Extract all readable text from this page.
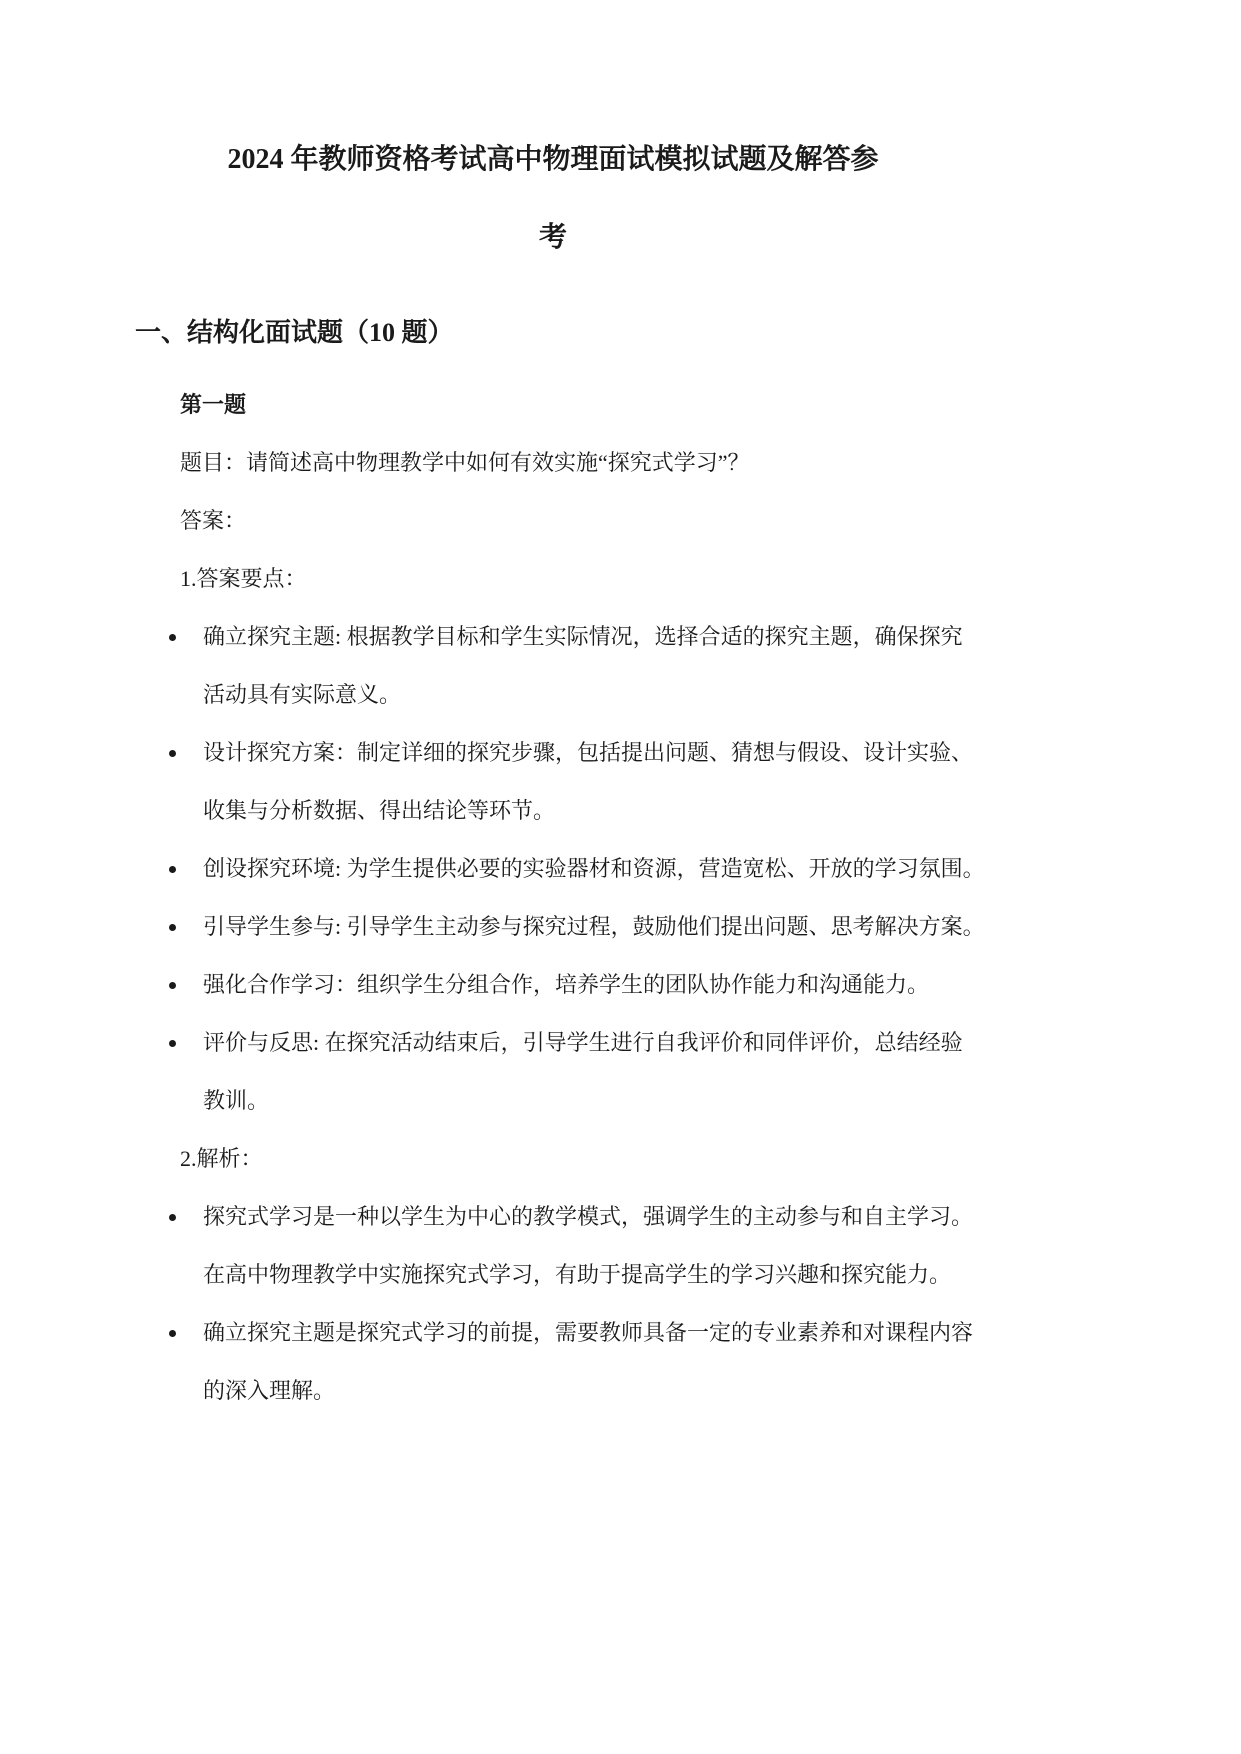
2024 年教师资格考试高中物理面试模拟试题及解答参
考
一、结构化面试题（10 题）
第一题
题目：请简述高中物理教学中如何有效实施“探究式学习”？
答案：
1.答案要点：
确立探究主题: 根据教学目标和学生实际情况，选择合适的探究主题，确保探究
活动具有实际意义。
设计探究方案：制定详细的探究步骤，包括提出问题、猜想与假设、设计实验、
收集与分析数据、得出结论等环节。
创设探究环境: 为学生提供必要的实验器材和资源，营造宽松、开放的学习氛围。
引导学生参与: 引导学生主动参与探究过程，鼓励他们提出问题、思考解决方案。
强化合作学习：组织学生分组合作，培养学生的团队协作能力和沟通能力。
评价与反思: 在探究活动结束后，引导学生进行自我评价和同伴评价，总结经验
教训。
2.解析：
探究式学习是一种以学生为中心的教学模式，强调学生的主动参与和自主学习。
在高中物理教学中实施探究式学习，有助于提高学生的学习兴趣和探究能力。
确立探究主题是探究式学习的前提，需要教师具备一定的专业素养和对课程内容
的深入理解。
